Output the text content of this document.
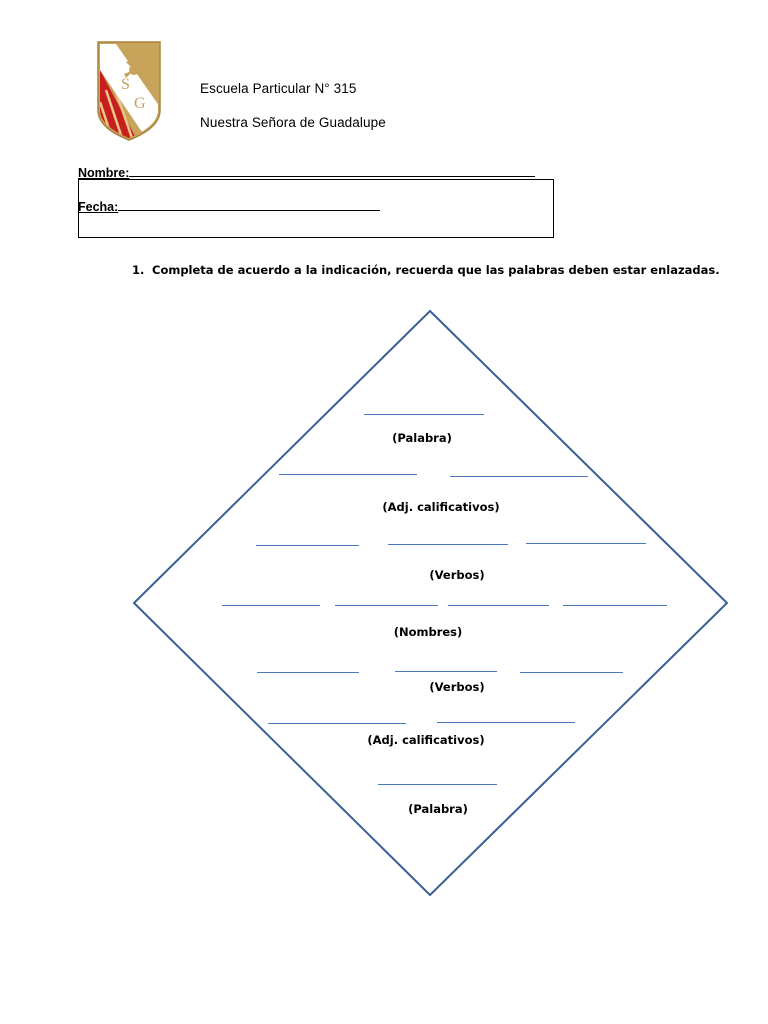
N
S
G
Escuela Particular N° 315
Nuestra Señora de Guadalupe
Nombre:
Fecha:
1. Completa de acuerdo a la indicación, recuerda que las palabras deben estar enlazadas.
(Palabra)
(Adj. calificativos)
(Verbos)
(Nombres)
(Verbos)
(Adj. calificativos)
(Palabra)
